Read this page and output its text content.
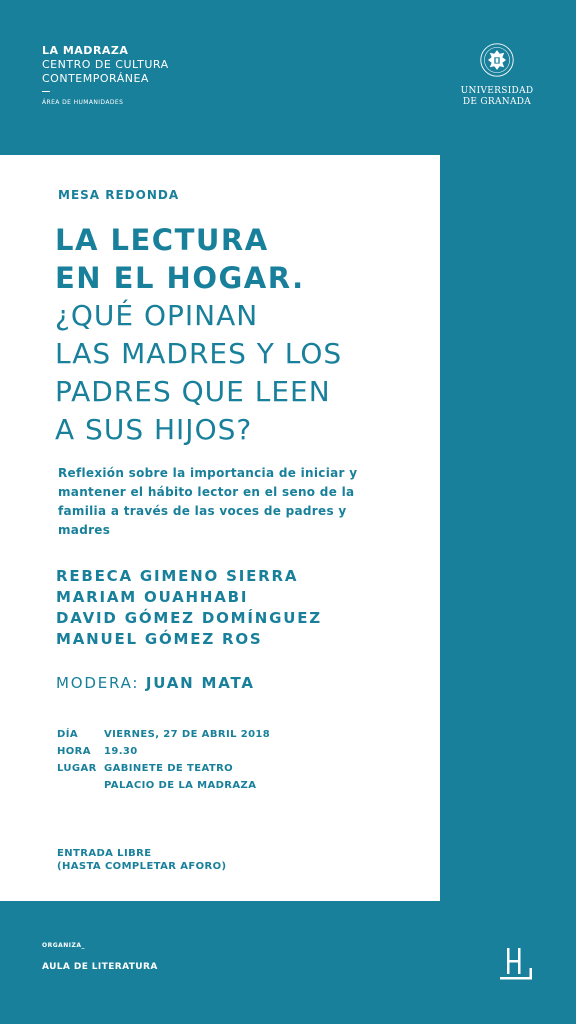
LA MADRAZA
CENTRO DE CULTURA
CONTEMPORÁNEA
ÁREA DE HUMANIDADES
UNIVERSIDAD
DE GRANADA
MESA REDONDA
LA LECTURA
EN EL HOGAR.
¿QUÉ OPINAN
LAS MADRES Y LOS
PADRES QUE LEEN
A SUS HIJOS?
Reflexión sobre la importancia de iniciar y mantener el hábito lector en el seno de la familia a través de las voces de padres y madres
REBECA GIMENO SIERRA
MARIAM OUAHHABI
DAVID GÓMEZ DOMÍNGUEZ
MANUEL GÓMEZ ROS
MODERA: JUAN MATA
DÍA	VIERNES, 27 DE ABRIL 2018
HORA	19.30
LUGAR GABINETE DE TEATRO
PALACIO DE LA MADRAZA
ENTRADA LIBRE
(HASTA COMPLETAR AFORO)
ORGANIZA_
AULA DE LITERATURA
